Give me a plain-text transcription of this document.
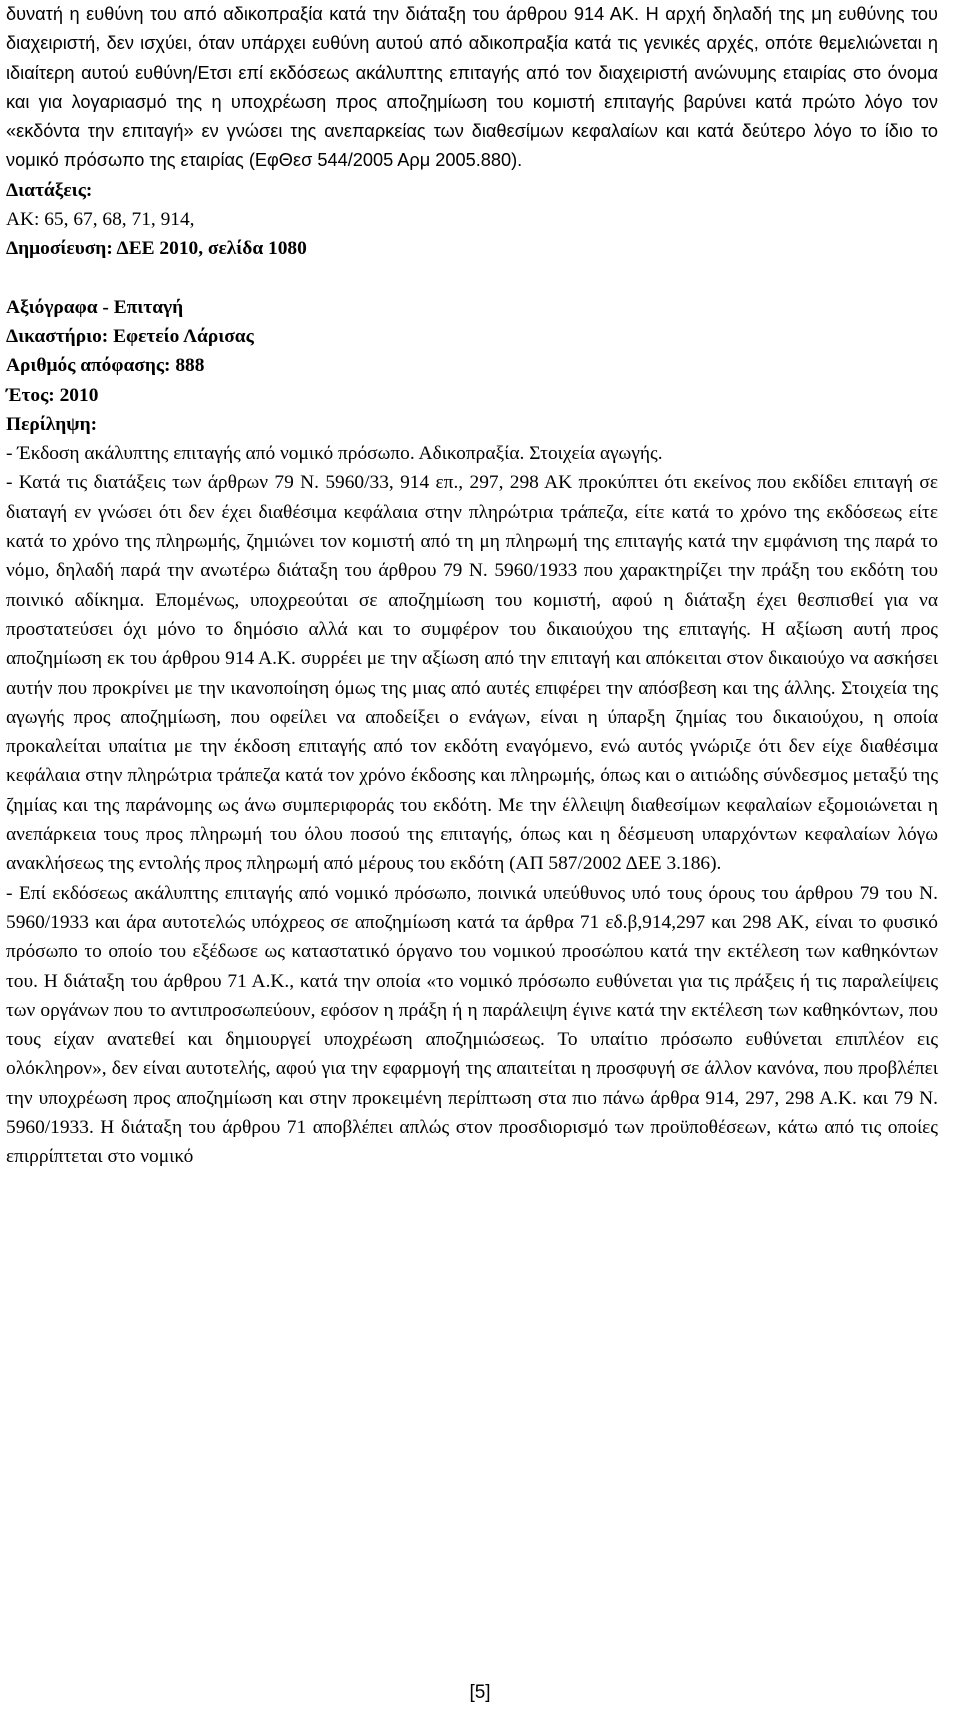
δυνατή η ευθύνη του από αδικοπραξία κατά την διάταξη του άρθρου 914 ΑΚ. Η αρχή δηλαδή της μη ευθύνης του διαχειριστή, δεν ισχύει, όταν υπάρχει ευθύνη αυτού από αδικοπραξία κατά τις γενικές αρχές, οπότε θεμελιώνεται η ιδιαίτερη αυτού ευθύνη/Ετσι επί εκδόσεως ακάλυπτης επιταγής από τον διαχειριστή ανώνυμης εταιρίας στο όνομα και για λογαριασμό της η υποχρέωση προς αποζημίωση του κομιστή επιταγής βαρύνει κατά πρώτο λόγο τον «εκδόντα την επιταγή» εν γνώσει της ανεπαρκείας των διαθεσίμων κεφαλαίων και κατά δεύτερο λόγο το ίδιο το νομικό πρόσωπο της εταιρίας (ΕφΘεσ 544/2005 Αρμ 2005.880).
Διατάξεις:
ΑΚ: 65, 67, 68, 71, 914,
Δημοσίευση: ΔΕΕ 2010, σελίδα 1080
Αξιόγραφα - Επιταγή
Δικαστήριο: Εφετείο Λάρισας
Αριθμός απόφασης: 888
Έτος: 2010
Περίληψη:
- Έκδοση ακάλυπτης επιταγής από νομικό πρόσωπο. Αδικοπραξία. Στοιχεία αγωγής.
- Κατά τις διατάξεις των άρθρων 79 Ν. 5960/33, 914 επ., 297, 298 ΑΚ προκύπτει ότι εκείνος που εκδίδει επιταγή σε διαταγή εν γνώσει ότι δεν έχει διαθέσιμα κεφάλαια στην πληρώτρια τράπεζα, είτε κατά το χρόνο της εκδόσεως είτε κατά το χρόνο της πληρωμής, ζημιώνει τον κομιστή από τη μη πληρωμή της επιταγής κατά την εμφάνιση της παρά το νόμο, δηλαδή παρά την ανωτέρω διάταξη του άρθρου 79 Ν. 5960/1933 που χαρακτηρίζει την πράξη του εκδότη του ποινικό αδίκημα. Επομένως, υποχρεούται σε αποζημίωση του κομιστή, αφού η διάταξη έχει θεσπισθεί για να προστατεύσει όχι μόνο το δημόσιο αλλά και το συμφέρον του δικαιούχου της επιταγής. Η αξίωση αυτή προς αποζημίωση εκ του άρθρου 914 Α.Κ. συρρέει με την αξίωση από την επιταγή και απόκειται στον δικαιούχο να ασκήσει αυτήν που προκρίνει με την ικανοποίηση όμως της μιας από αυτές επιφέρει την απόσβεση και της άλλης. Στοιχεία της αγωγής προς αποζημίωση, που οφείλει να αποδείξει ο ενάγων, είναι η ύπαρξη ζημίας του δικαιούχου, η οποία προκαλείται υπαίτια με την έκδοση επιταγής από τον εκδότη εναγόμενο, ενώ αυτός γνώριζε ότι δεν είχε διαθέσιμα κεφάλαια στην πληρώτρια τράπεζα κατά τον χρόνο έκδοσης και πληρωμής, όπως και ο αιτιώδης σύνδεσμος μεταξύ της ζημίας και της παράνομης ως άνω συμπεριφοράς του εκδότη. Με την έλλειψη διαθεσίμων κεφαλαίων εξομοιώνεται η ανεπάρκεια τους προς πληρωμή του όλου ποσού της επιταγής, όπως και η δέσμευση υπαρχόντων κεφαλαίων λόγω ανακλήσεως της εντολής προς πληρωμή από μέρους του εκδότη (ΑΠ 587/2002 ΔΕΕ 3.186).
- Επί εκδόσεως ακάλυπτης επιταγής από νομικό πρόσωπο, ποινικά υπεύθυνος υπό τους όρους του άρθρου 79 του Ν. 5960/1933 και άρα αυτοτελώς υπόχρεος σε αποζημίωση κατά τα άρθρα 71 εδ.β,914,297 και 298 ΑΚ, είναι το φυσικό πρόσωπο το οποίο του εξέδωσε ως καταστατικό όργανο του νομικού προσώπου κατά την εκτέλεση των καθηκόντων του. Η διάταξη του άρθρου 71 Α.Κ., κατά την οποία «το νομικό πρόσωπο ευθύνεται για τις πράξεις ή τις παραλείψεις των οργάνων που το αντιπροσωπεύουν, εφόσον η πράξη ή η παράλειψη έγινε κατά την εκτέλεση των καθηκόντων, που τους είχαν ανατεθεί και δημιουργεί υποχρέωση αποζημιώσεως. Το υπαίτιο πρόσωπο ευθύνεται επιπλέον εις ολόκληρον», δεν είναι αυτοτελής, αφού για την εφαρμογή της απαιτείται η προσφυγή σε άλλον κανόνα, που προβλέπει την υποχρέωση προς αποζημίωση και στην προκειμένη περίπτωση στα πιο πάνω άρθρα 914, 297, 298 Α.Κ. και 79 Ν. 5960/1933. Η διάταξη του άρθρου 71 αποβλέπει απλώς στον προσδιορισμό των προϋποθέσεων, κάτω από τις οποίες επιρρίπτεται στο νομικό
[5]
